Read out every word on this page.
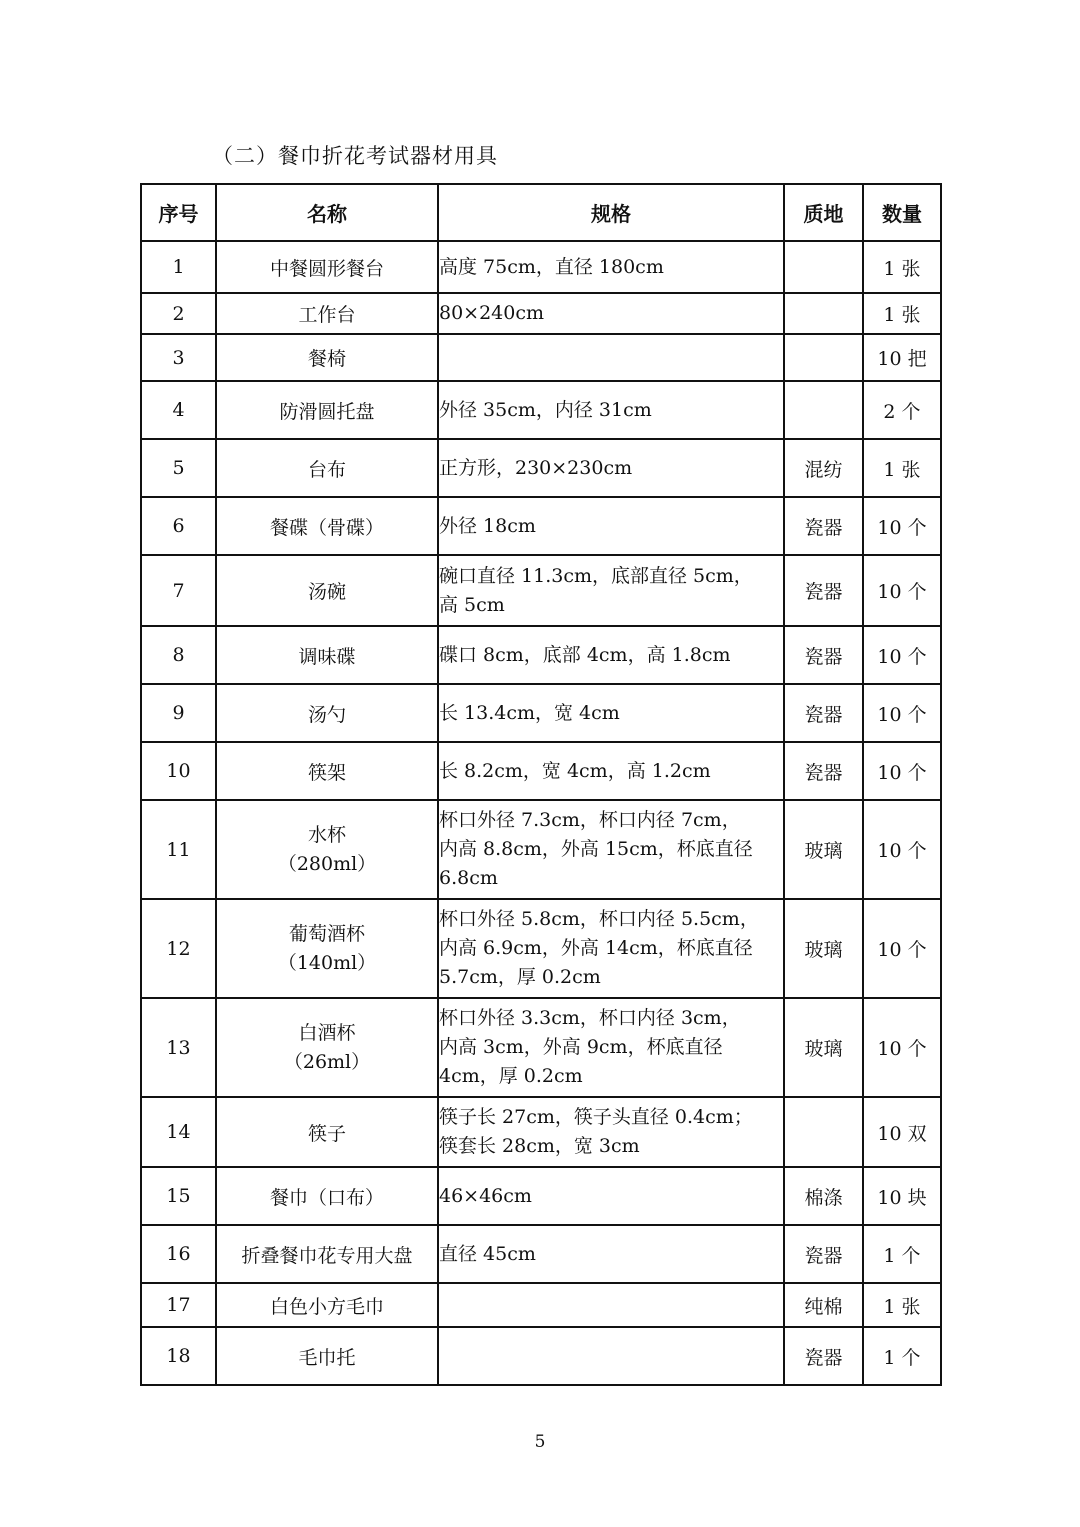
（二）餐巾折花考试器材用具
序号	名称	规格	质地	数量
1	中餐圆形餐台	高度 75cm，直径 180cm		1 张
2	工作台	80×240cm		1 张
3	餐椅			10 把
4	防滑圆托盘	外径 35cm，内径 31cm		2 个
5	台布	正方形，230×230cm	混纺	1 张
6	餐碟（骨碟）	外径 18cm	瓷器	10 个
7	汤碗	碗口直径 11.3cm，底部直径 5cm，
高 5cm	瓷器	10 个
8	调味碟	碟口 8cm，底部 4cm，高 1.8cm	瓷器	10 个
9	汤勺	长 13.4cm，宽 4cm	瓷器	10 个
10	筷架	长 8.2cm，宽 4cm，高 1.2cm	瓷器	10 个
11	水杯
（280ml）	杯口外径 7.3cm，杯口内径 7cm，
内高 8.8cm，外高 15cm，杯底直径
6.8cm	玻璃	10 个
12	葡萄酒杯
（140ml）	杯口外径 5.8cm，杯口内径 5.5cm，
内高 6.9cm，外高 14cm，杯底直径
5.7cm，厚 0.2cm	玻璃	10 个
13	白酒杯
（26ml）	杯口外径 3.3cm，杯口内径 3cm，
内高 3cm，外高 9cm，杯底直径
4cm，厚 0.2cm	玻璃	10 个
14	筷子	筷子长 27cm，筷子头直径 0.4cm；
筷套长 28cm，宽 3cm		10 双
15	餐巾（口布）	46×46cm	棉涤	10 块
16	折叠餐巾花专用大盘	直径 45cm	瓷器	1 个
17	白色小方毛巾		纯棉	1 张
18	毛巾托		瓷器	1 个
5
